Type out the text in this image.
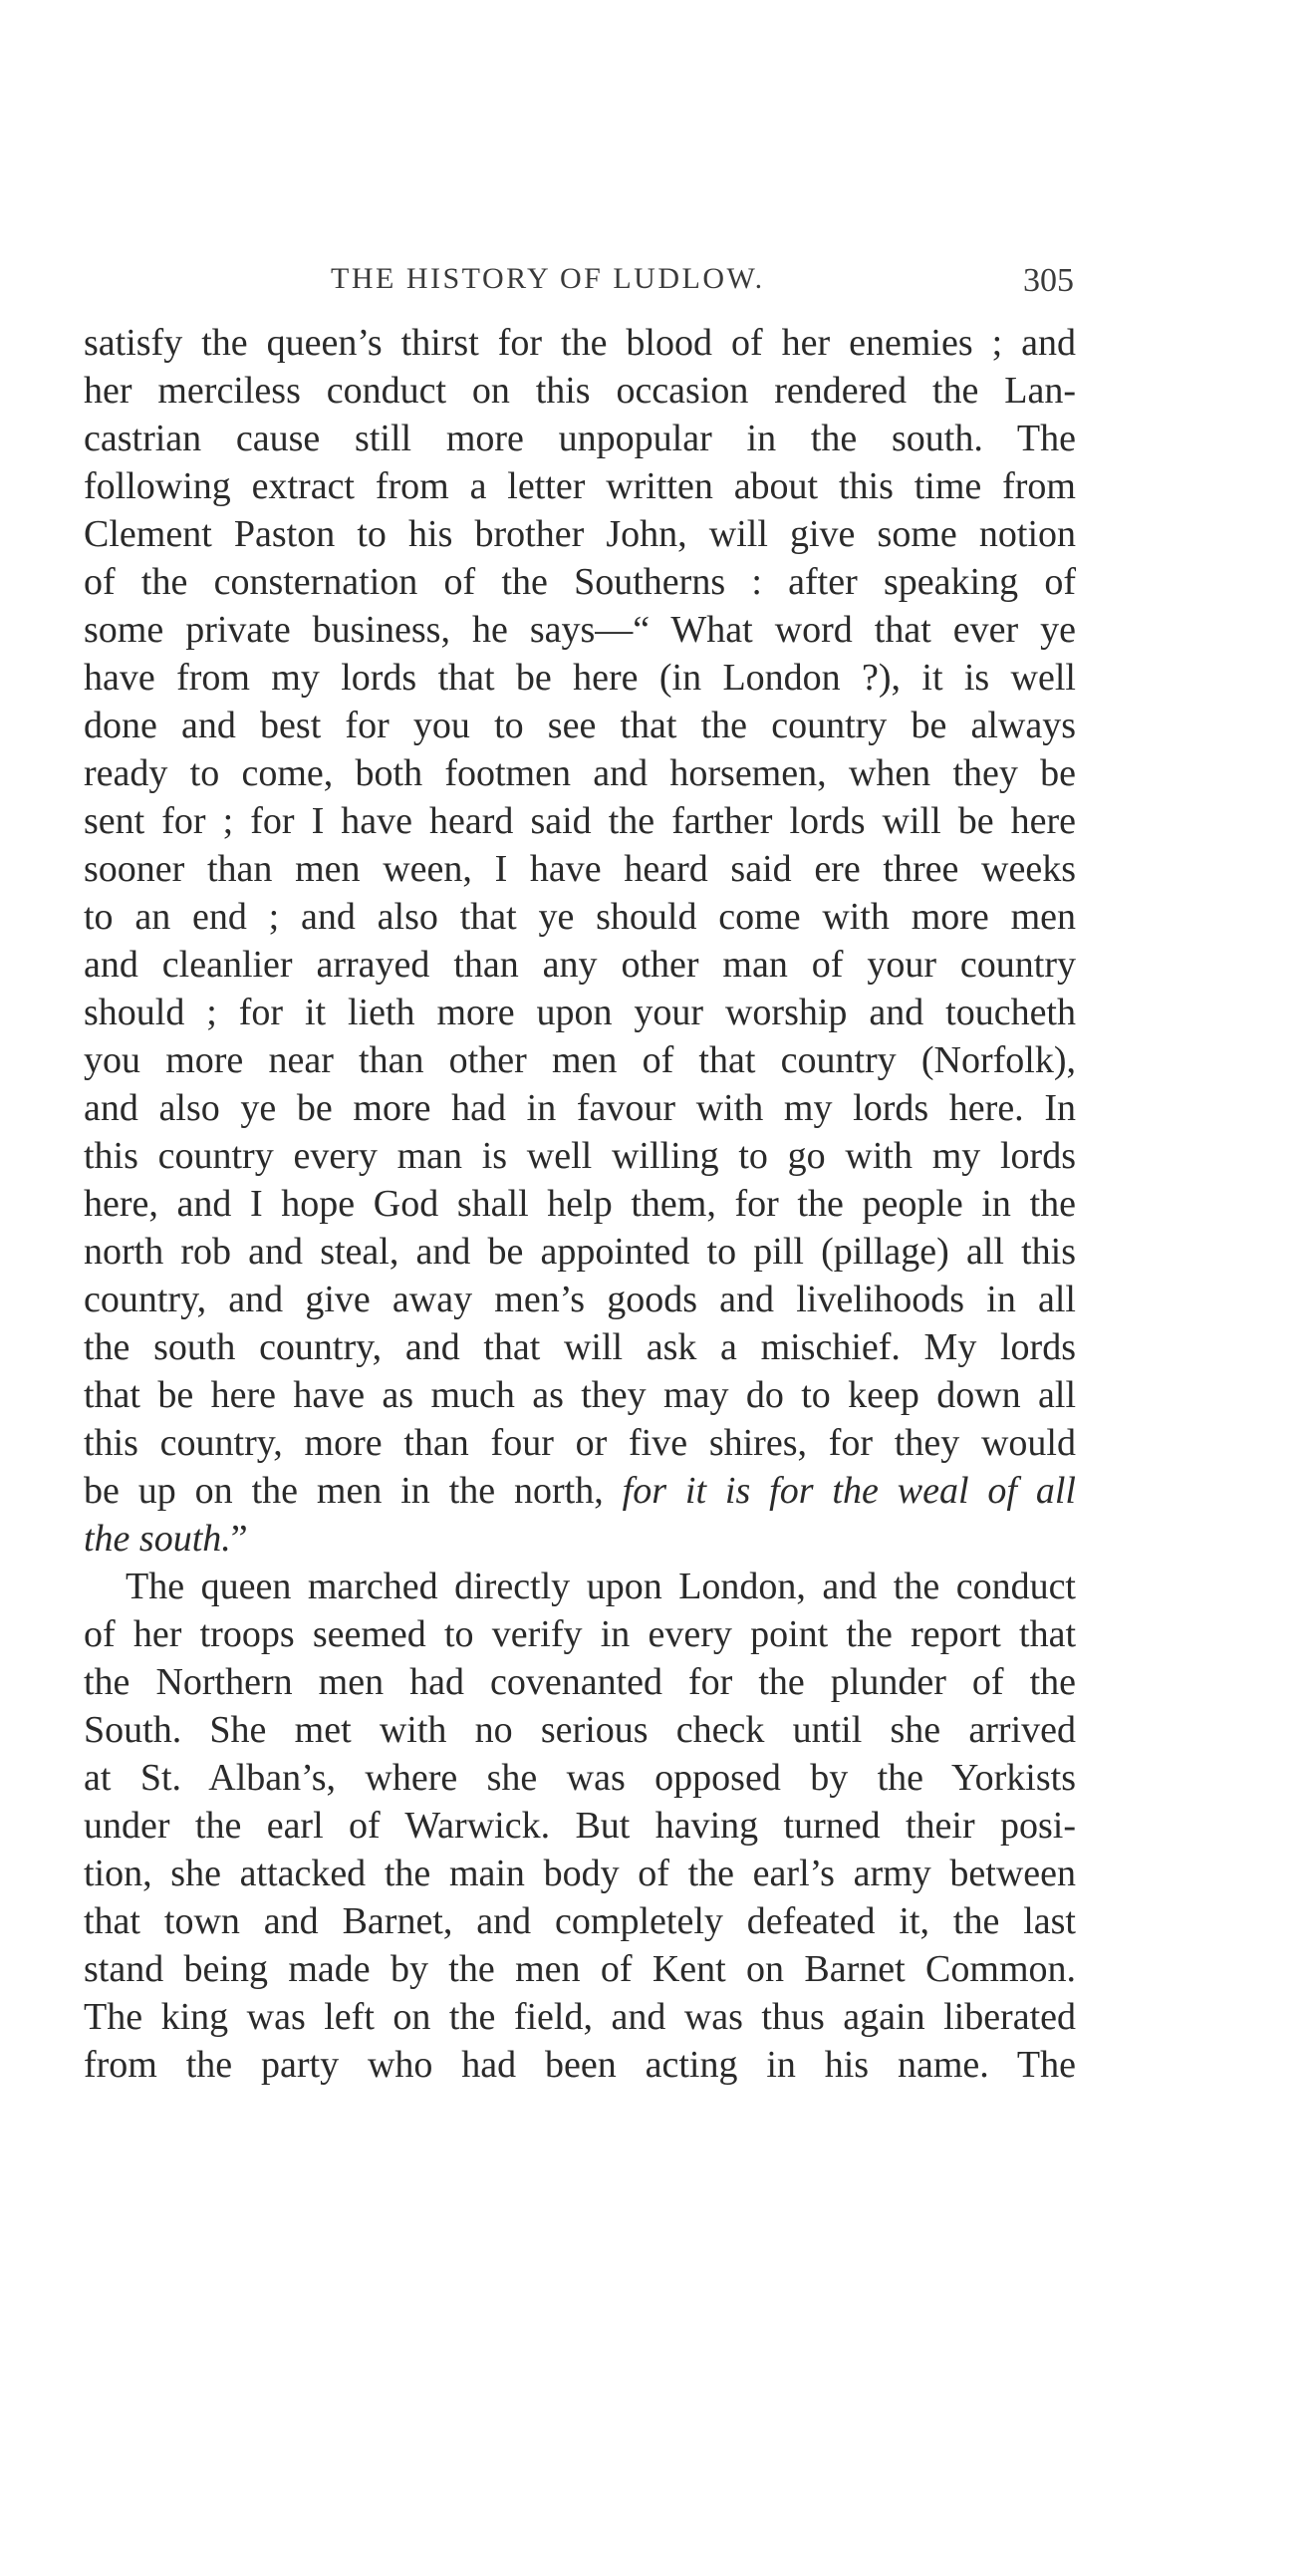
THE HISTORY OF LUDLOW.	305
satisfy the queen’s thirst for the blood of her enemies ; and
her merciless conduct on this occasion rendered the Lan-
castrian cause still more unpopular in the south. The
following extract from a letter written about this time from
Clement Paston to his brother John, will give some notion
of the consternation of the Southerns : after speaking of
some private business, he says—“ What word that ever ye
have from my lords that be here (in London ?), it is well
done and best for you to see that the country be always
ready to come, both footmen and horsemen, when they be
sent for ; for I have heard said the farther lords will be here
sooner than men ween, I have heard said ere three weeks
to an end ; and also that ye should come with more men
and cleanlier arrayed than any other man of your country
should ; for it lieth more upon your worship and toucheth
you more near than other men of that country (Norfolk),
and also ye be more had in favour with my lords here. In
this country every man is well willing to go with my lords
here, and I hope God shall help them, for the people in the
north rob and steal, and be appointed to pill (pillage) all this
country, and give away men’s goods and livelihoods in all
the south country, and that will ask a mischief. My lords
that be here have as much as they may do to keep down all
this country, more than four or five shires, for they would
be up on the men in the north, for it is for the weal of all
the south.”
The queen marched directly upon London, and the conduct
of her troops seemed to verify in every point the report that
the Northern men had covenanted for the plunder of the
South. She met with no serious check until she arrived
at St. Alban’s, where she was opposed by the Yorkists
under the earl of Warwick. But having turned their posi-
tion, she attacked the main body of the earl’s army between
that town and Barnet, and completely defeated it, the last
stand being made by the men of Kent on Barnet Common.
The king was left on the field, and was thus again liberated
from the party who had been acting in his name. The
